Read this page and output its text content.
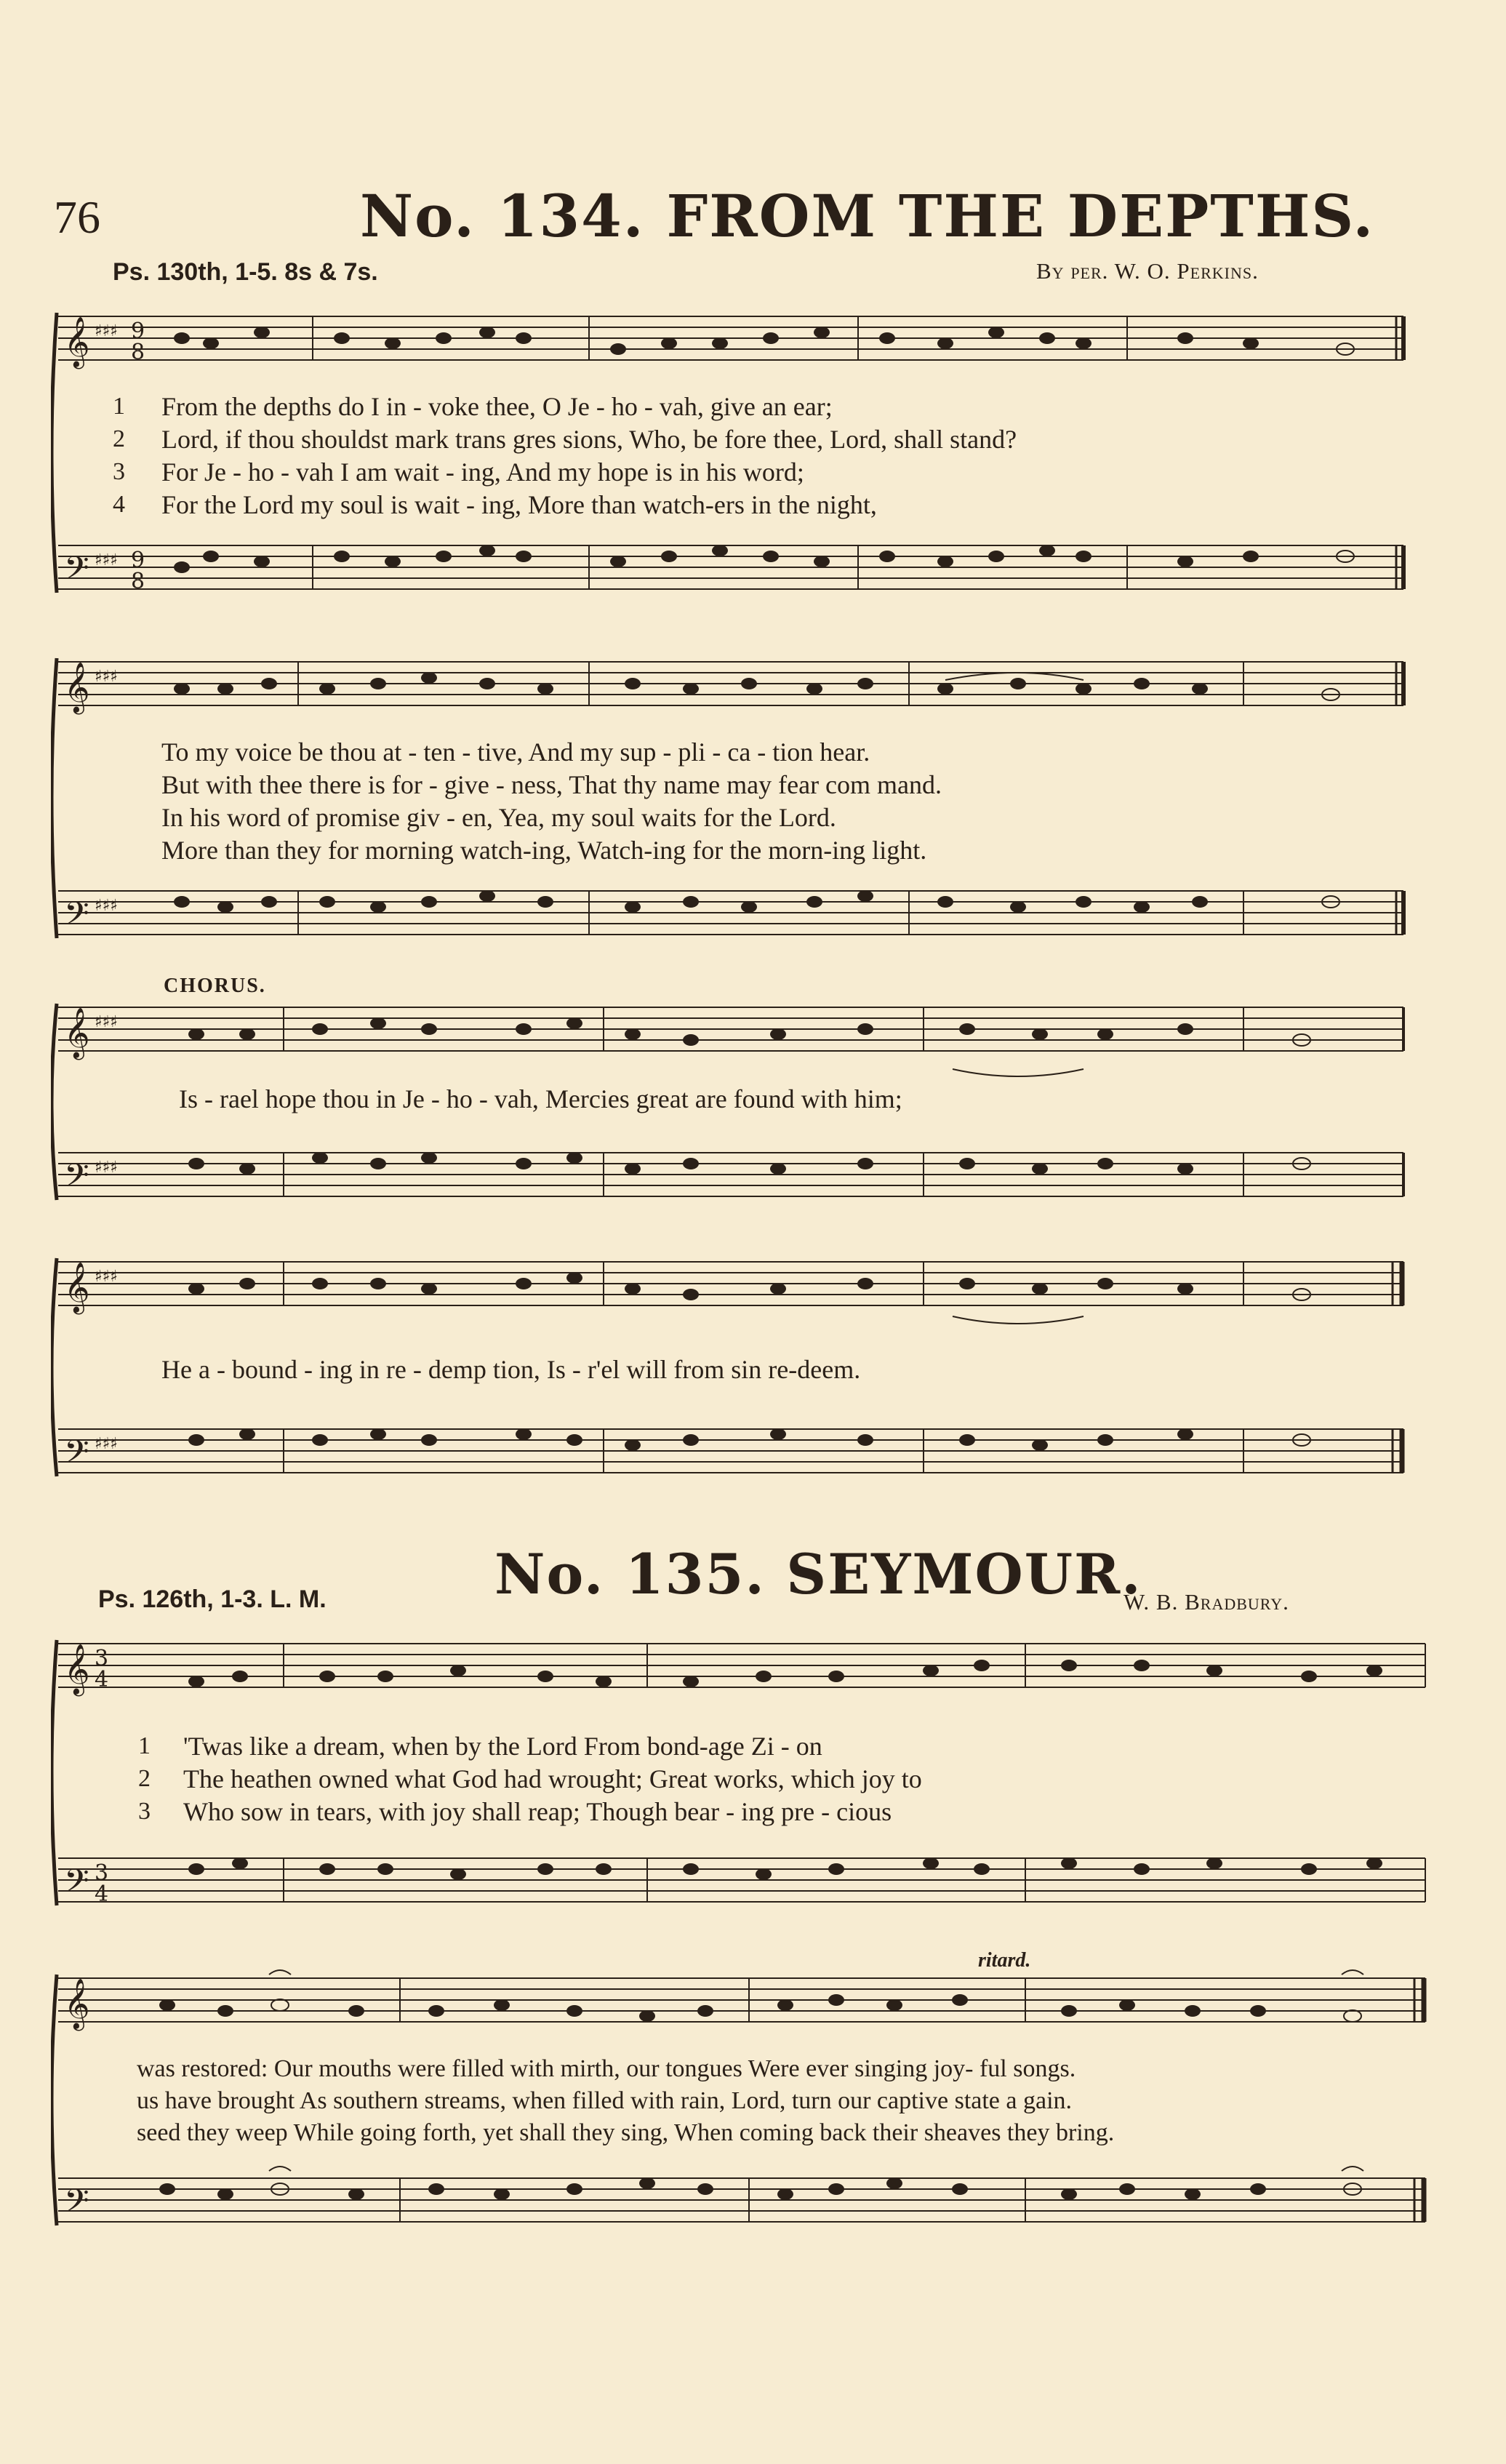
76	No. 134. FROM THE DEPTHS.
Ps. 130th, 1-5. 8s & 7s.	By per. W. O. Perkins.
𝄞
𝄢
♯♯♯
♯♯♯
9
8
9
8
1
2
3
4
From the depths do I in - voke thee, O Je - ho - vah, give an ear;
Lord, if thou shouldst mark trans gres sions, Who, be fore thee, Lord, shall stand?
For Je - ho - vah I am wait - ing, And my hope is in his word;
For the Lord my soul is wait - ing, More than watch-ers in the night,
𝄞
𝄢
♯♯♯
♯♯♯
To my voice be thou at - ten - tive, And my sup - pli - ca - tion hear.
But with thee there is for - give - ness, That thy name may fear com mand.
In his word of promise giv - en, Yea, my soul waits for the Lord.
More than they for morning watch-ing, Watch-ing for the morn-ing light.
CHORUS.
𝄞
𝄢
♯♯♯
♯♯♯
Is - rael hope thou in Je - ho - vah, Mercies great are found with him;
𝄞
𝄢
♯♯♯
♯♯♯
He a - bound - ing in re - demp tion, Is - r'el will from sin re-deem.
No. 135. SEYMOUR.
Ps. 126th, 1-3. L. M.	W. B. Bradbury.
𝄞
𝄢
3
4
3
4
1
2
3
'Twas like a dream, when by the Lord From bond-age Zi - on
The heathen owned what God had wrought; Great works, which joy to
Who sow in tears, with joy shall reap; Though bear - ing pre - cious
ritard.
𝄞
𝄢
was restored: Our mouths were filled with mirth, our tongues Were ever singing joy- ful songs.
us have brought As southern streams, when filled with rain, Lord, turn our captive state a gain.
seed they weep While going forth, yet shall they sing, When coming back their sheaves they bring.
